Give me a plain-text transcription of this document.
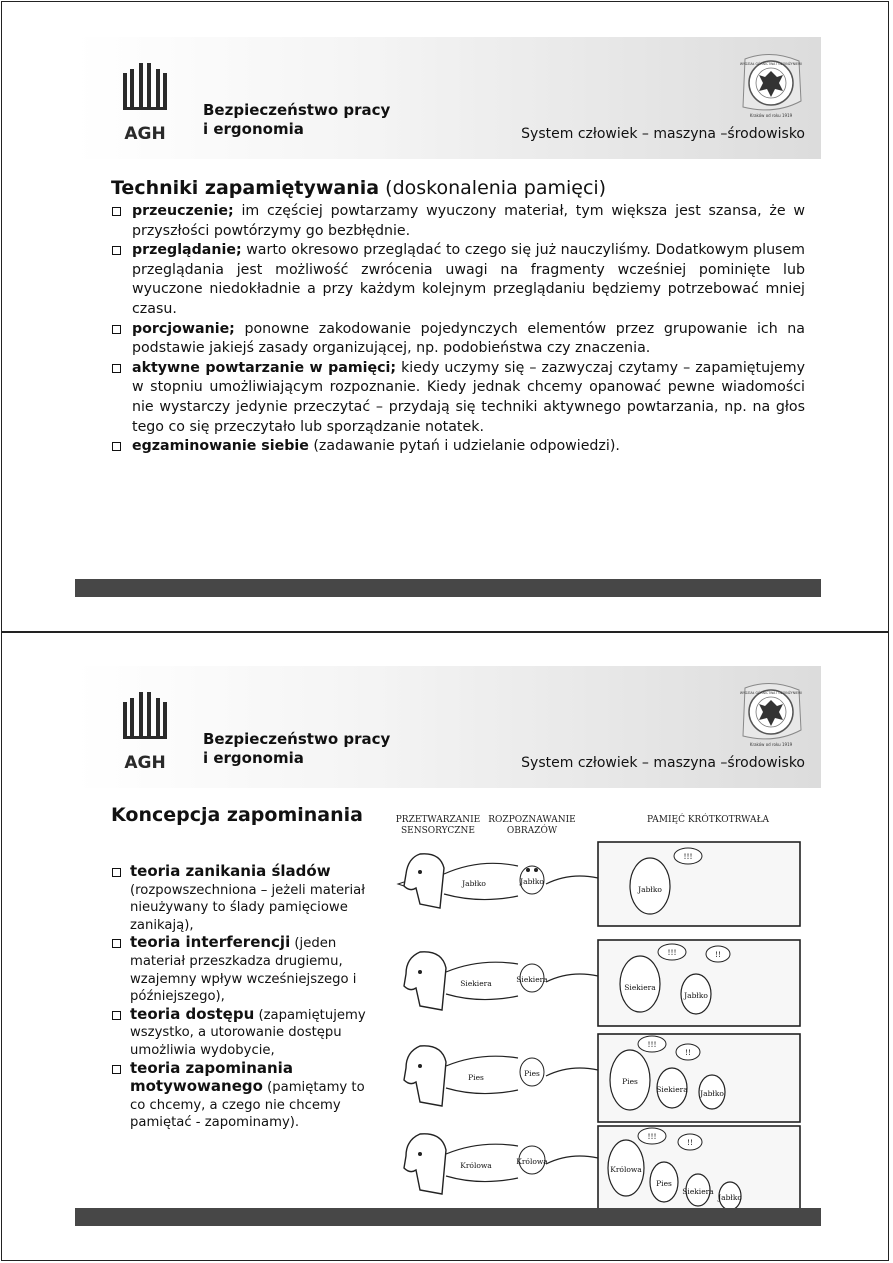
AGH
Bezpieczeństwo pracy
i ergonomia	System człowiek – maszyna –środowisko
Kraków od roku 1919
WYDZIAŁ GÓRNICTWA I GEOINŻYNIERII
Techniki zapamiętywania (doskonalenia pamięci)
przeuczenie; im częściej powtarzamy wyuczony materiał, tym większa jest szansa, że w przyszłości powtórzymy go bezbłędnie.
przeglądanie; warto okresowo przeglądać to czego się już nauczyliśmy. Dodatkowym plusem przeglądania jest możliwość zwrócenia uwagi na fragmenty wcześniej pominięte lub wyuczone niedokładnie a przy każdym kolejnym przeglądaniu będziemy potrzebować mniej czasu.
porcjowanie; ponowne zakodowanie pojedynczych elementów przez grupowanie ich na podstawie jakiejś zasady organizującej, np. podobieństwa czy znaczenia.
aktywne powtarzanie w pamięci; kiedy uczymy się – zazwyczaj czytamy – zapamiętujemy w stopniu umożliwiającym rozpoznanie. Kiedy jednak chcemy opanować pewne wiadomości nie wystarczy jedynie przeczytać – przydają się techniki aktywnego powtarzania, np. na głos tego co się przeczytało lub sporządzanie notatek.
egzaminowanie siebie (zadawanie pytań i udzielanie odpowiedzi).
AGH
Bezpieczeństwo pracy
i ergonomia	System człowiek – maszyna –środowisko
Kraków od roku 1919
WYDZIAŁ GÓRNICTWA I GEOINŻYNIERII
Koncepcja zapominania
teoria zanikania śladów (rozpowszechniona – jeżeli materiał nieużywany to ślady pamięciowe zanikają),
teoria interferencji (jeden materiał przeszkadza drugiemu, wzajemny wpływ wcześniejszego i późniejszego),
teoria dostępu (zapamiętujemy wszystko, a utorowanie dostępu umożliwia wydobycie,
teoria zapominania motywowanego (pamiętamy to co chcemy, a czego nie chcemy pamiętać - zapominamy).
PRZETWARZANIE
SENSORYCZNE
ROZPOZNAWANIE
OBRAZÓW
PAMIĘĆ KRÓTKOTRWAŁA
Jabłko	Jabłko
Jabłko
!!!
Siekiera	Siekiera
Siekiera
Jabłko
!!!	!!
Pies	Pies
Pies
Siekiera Jabłko
!!!
!!
Królowa	Królowa
Królowa
Pies
Siekiera
Jabłko
!!!
!!
